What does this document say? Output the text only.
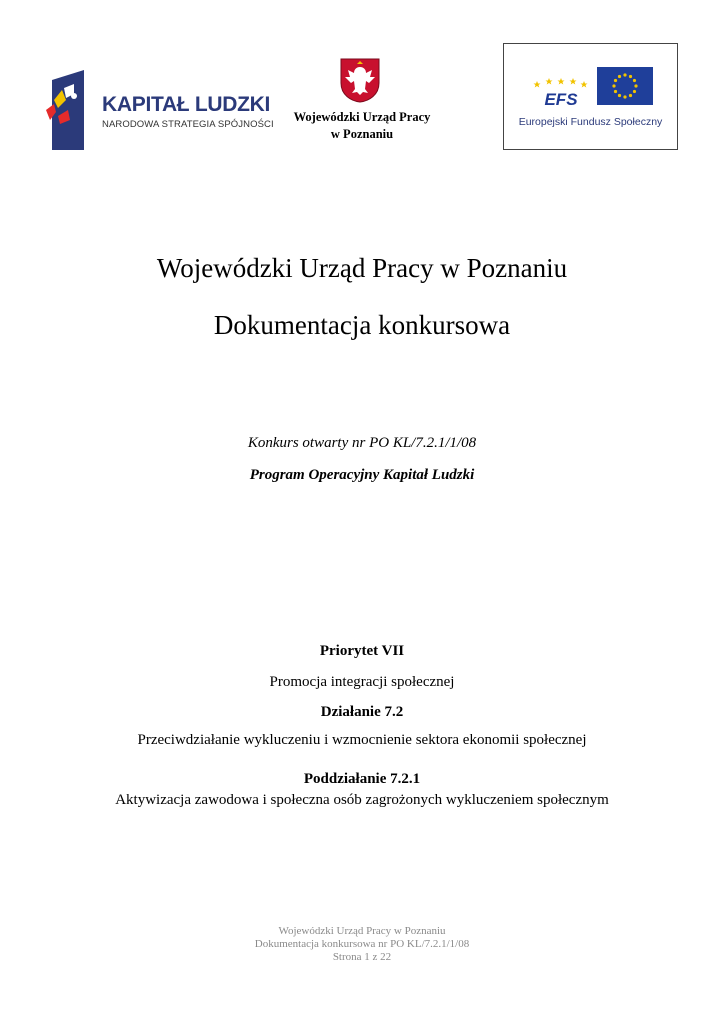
KAPITAŁ LUDZKI
NARODOWA STRATEGIA SPÓJNOŚCI
Wojewódzki Urząd Pracy
w Poznaniu
EFS
Europejski Fundusz Społeczny
Wojewódzki Urząd Pracy w Poznaniu
Dokumentacja konkursowa
Konkurs otwarty nr PO KL/7.2.1/1/08
Program Operacyjny Kapitał Ludzki
Priorytet VII
Promocja integracji społecznej
Działanie 7.2
Przeciwdziałanie wykluczeniu i wzmocnienie sektora ekonomii społecznej
Poddziałanie 7.2.1
Aktywizacja zawodowa i społeczna osób zagrożonych wykluczeniem społecznym
Wojewódzki Urząd Pracy w Poznaniu
Dokumentacja konkursowa nr PO KL/7.2.1/1/08
Strona 1 z 22
